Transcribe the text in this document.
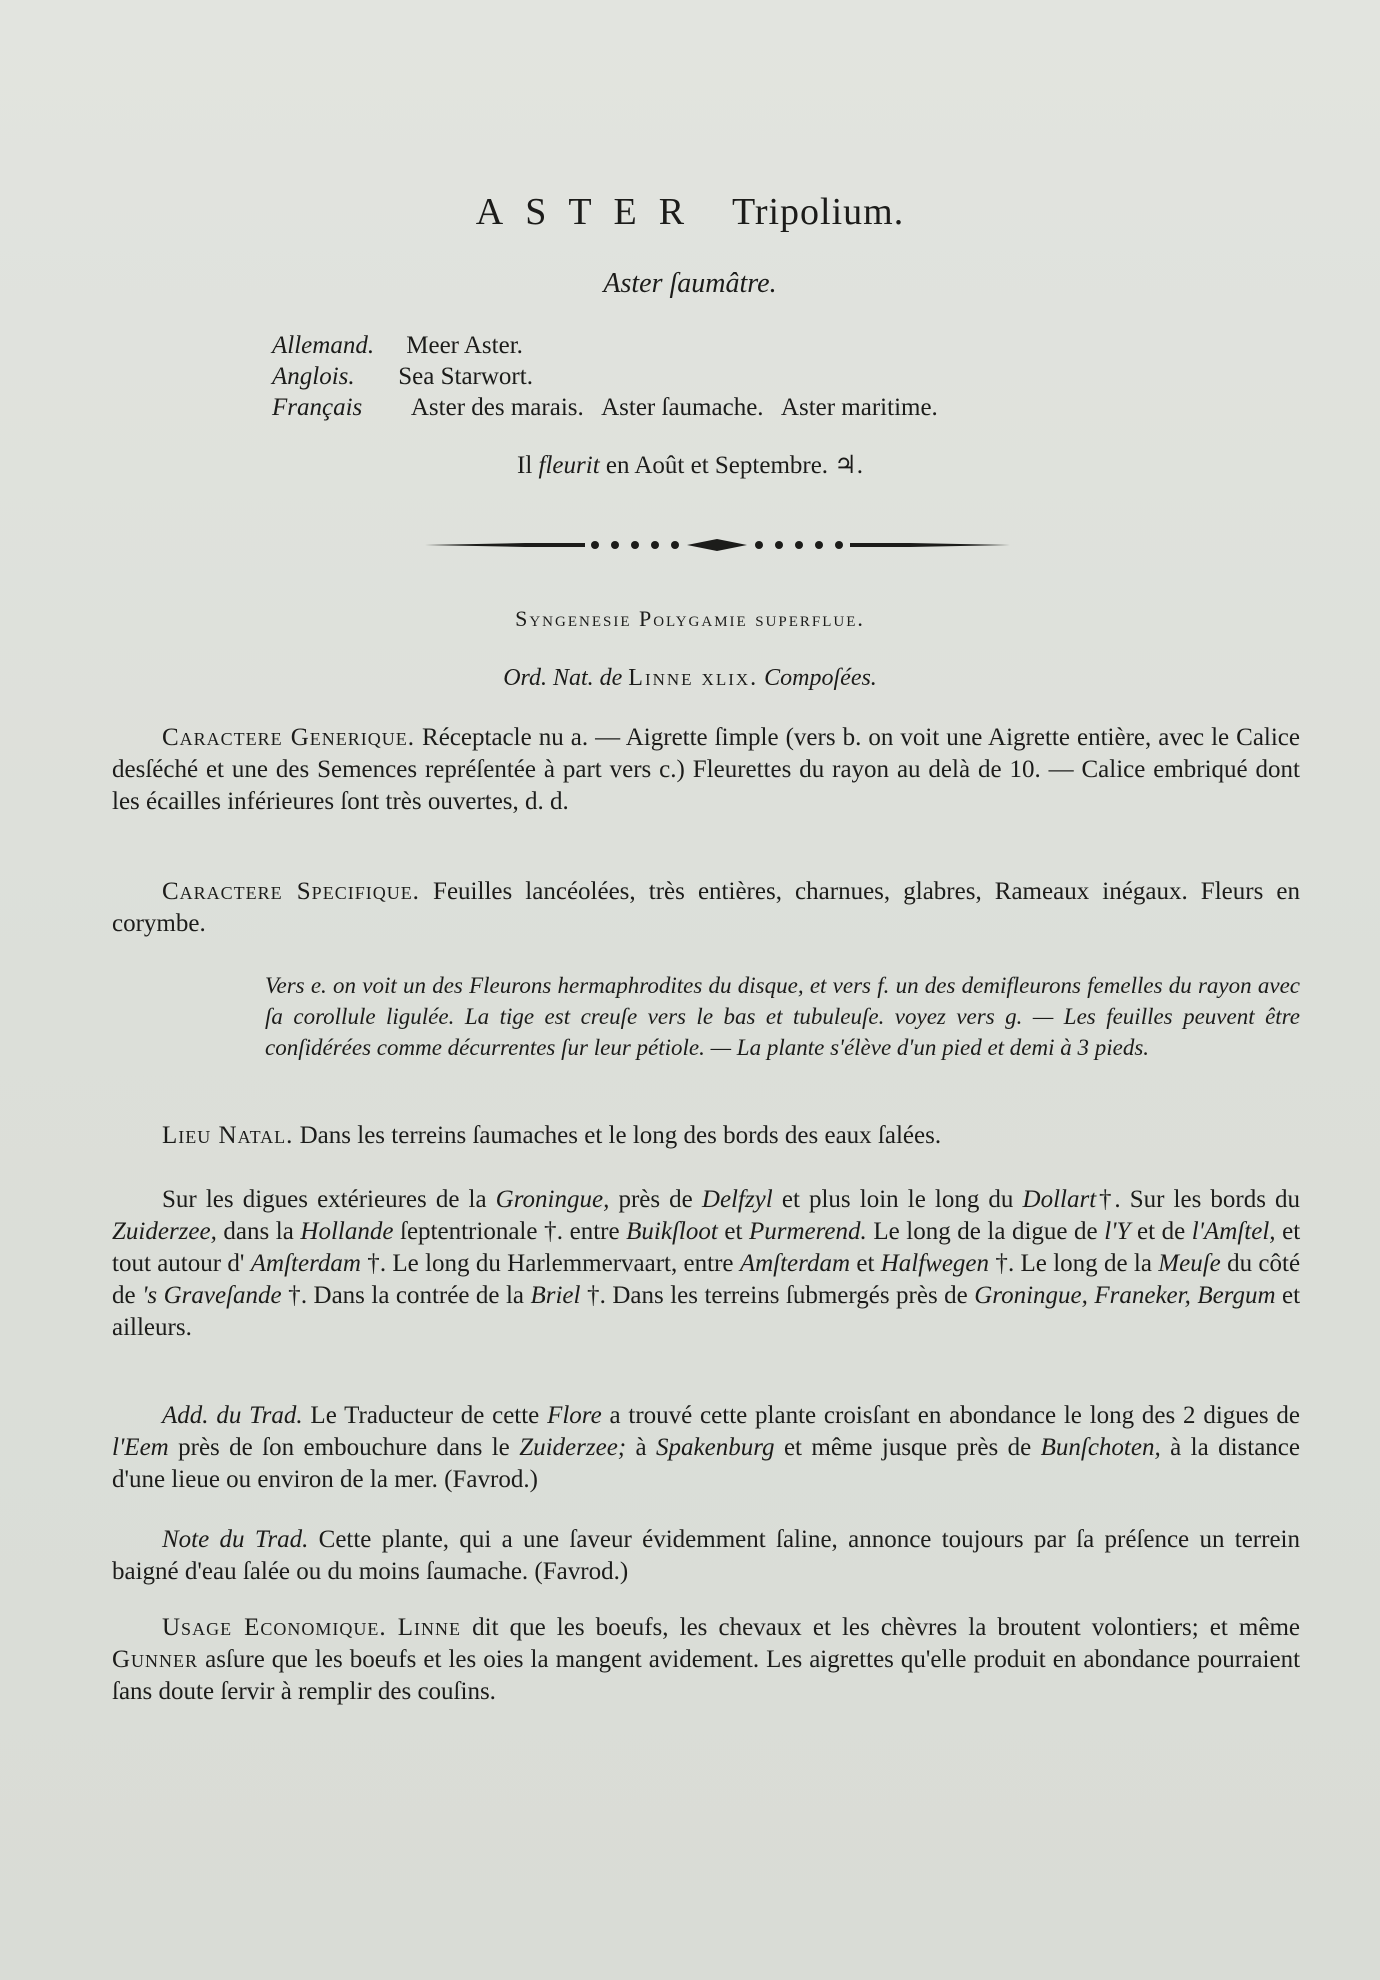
ASTER Tripolium.
Aster ſaumâtre.
Allemand. Meer Aster.
Anglois. Sea Starwort.
Français Aster des marais.   Aster ſaumache.   Aster maritime.
Il fleurit en Août et Septembre. ♃.
Syngenesie Polygamie superflue.
Ord. Nat. de Linne xlix. Compoſées.

Caractere Generique. Réceptacle nu a. — Aigrette ſimple (vers b. on voit une Aigrette entière, avec le Calice desſéché et une des Semences repréſentée à part vers c.) Fleurettes du rayon au delà de 10. — Calice embriqué dont les écailles inférieures ſont très ouvertes, d. d.

Caractere Specifique. Feuilles lancéolées, très entières, charnues, glabres, Rameaux inégaux. Fleurs en corymbe.

Vers e. on voit un des Fleurons hermaphrodites du disque, et vers f. un des demifleurons femelles du rayon avec ſa corollule ligulée. La tige est creuſe vers le bas et tubuleuſe. voyez vers g. — Les feuilles peuvent être conſidérées comme décurrentes ſur leur pétiole. — La plante s'élève d'un pied et demi à 3 pieds.

Lieu Natal. Dans les terreins ſaumaches et le long des bords des eaux ſalées.

Sur les digues extérieures de la Groningue, près de Delfzyl et plus loin le long du Dollart†. Sur les bords du Zuiderzee, dans la Hollande ſeptentrionale †. entre Buikſloot et Purmerend. Le long de la digue de l'Y et de l'Amſtel, et tout autour d' Amſterdam †. Le long du Harlemmervaart, entre Amſterdam et Halfwegen †. Le long de la Meuſe du côté de 's Graveſande †. Dans la contrée de la Briel †. Dans les terreins ſubmergés près de Groningue, Franeker, Bergum et ailleurs.

Add. du Trad. Le Traducteur de cette Flore a trouvé cette plante croisſant en abondance le long des 2 digues de l'Eem près de ſon embouchure dans le Zuiderzee; à Spakenburg et même jusque près de Bunſchoten, à la distance d'une lieue ou environ de la mer. (Favrod.)

Note du Trad. Cette plante, qui a une ſaveur évidemment ſaline, annonce toujours par ſa préſence un terrein baigné d'eau ſalée ou du moins ſaumache. (Favrod.)

Usage Economique. Linne dit que les boeufs, les chevaux et les chèvres la broutent volontiers; et même Gunner asſure que les boeufs et les oies la mangent avidement. Les aigrettes qu'elle produit en abondance pourraient ſans doute ſervir à remplir des couſins.
